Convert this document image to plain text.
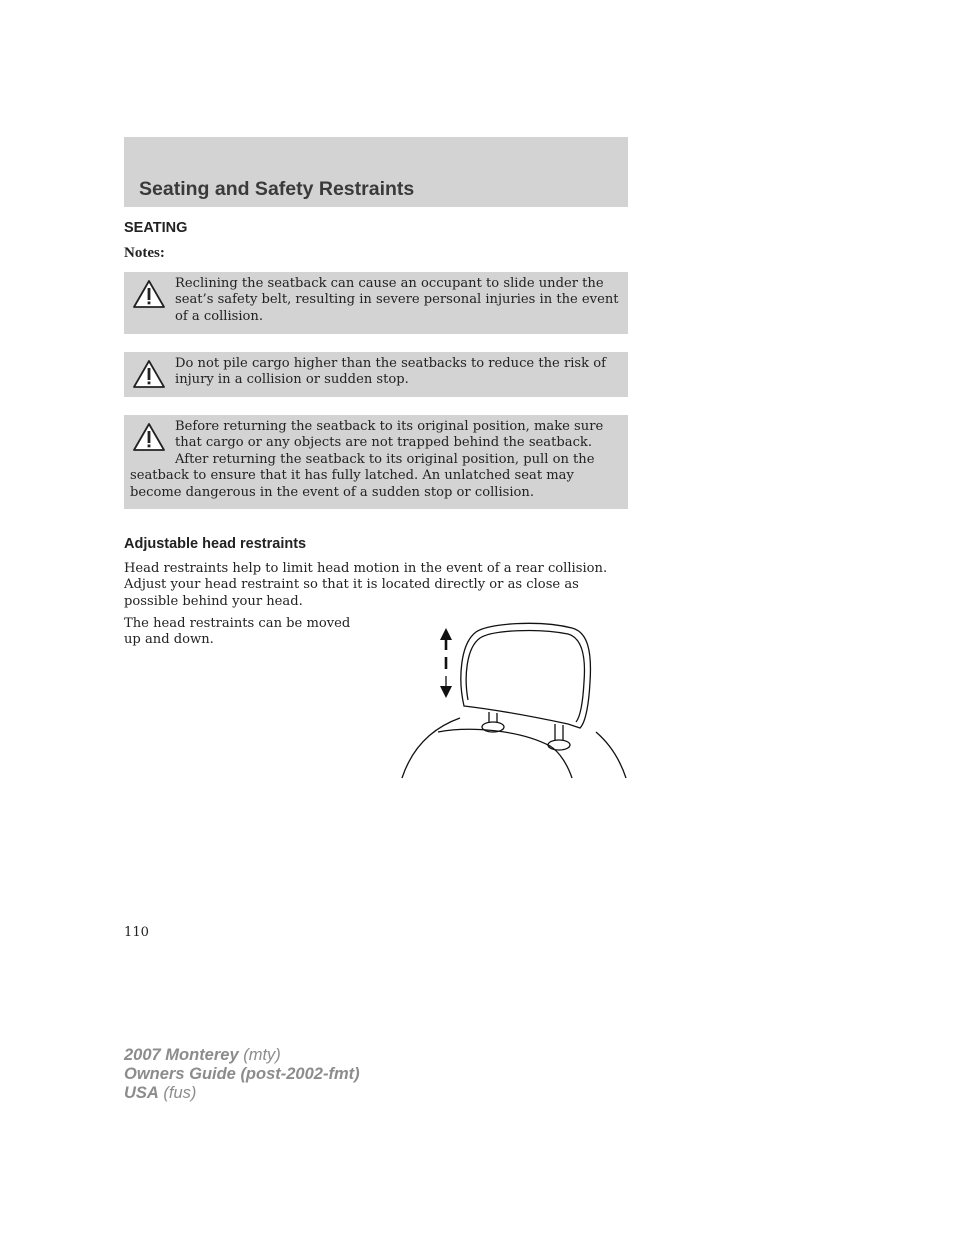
Seating and Safety Restraints
SEATING

Notes:

Reclining the seatback can cause an occupant to slide under the seat’s safety belt, resulting in severe personal injuries in the event of a collision.

Do not pile cargo higher than the seatbacks to reduce the risk of injury in a collision or sudden stop.

Before returning the seatback to its original position, make sure that cargo or any objects are not trapped behind the seatback. After returning the seatback to its original position, pull on the seatback to ensure that it has fully latched. An unlatched seat may become dangerous in the event of a sudden stop or collision.

Adjustable head restraints

Head restraints help to limit head motion in the event of a rear collision. Adjust your head restraint so that it is located directly or as close as possible behind your head.

The head restraints can be moved up and down.

110

2007 Monterey (mty)
Owners Guide (post-2002-fmt)
USA (fus)
